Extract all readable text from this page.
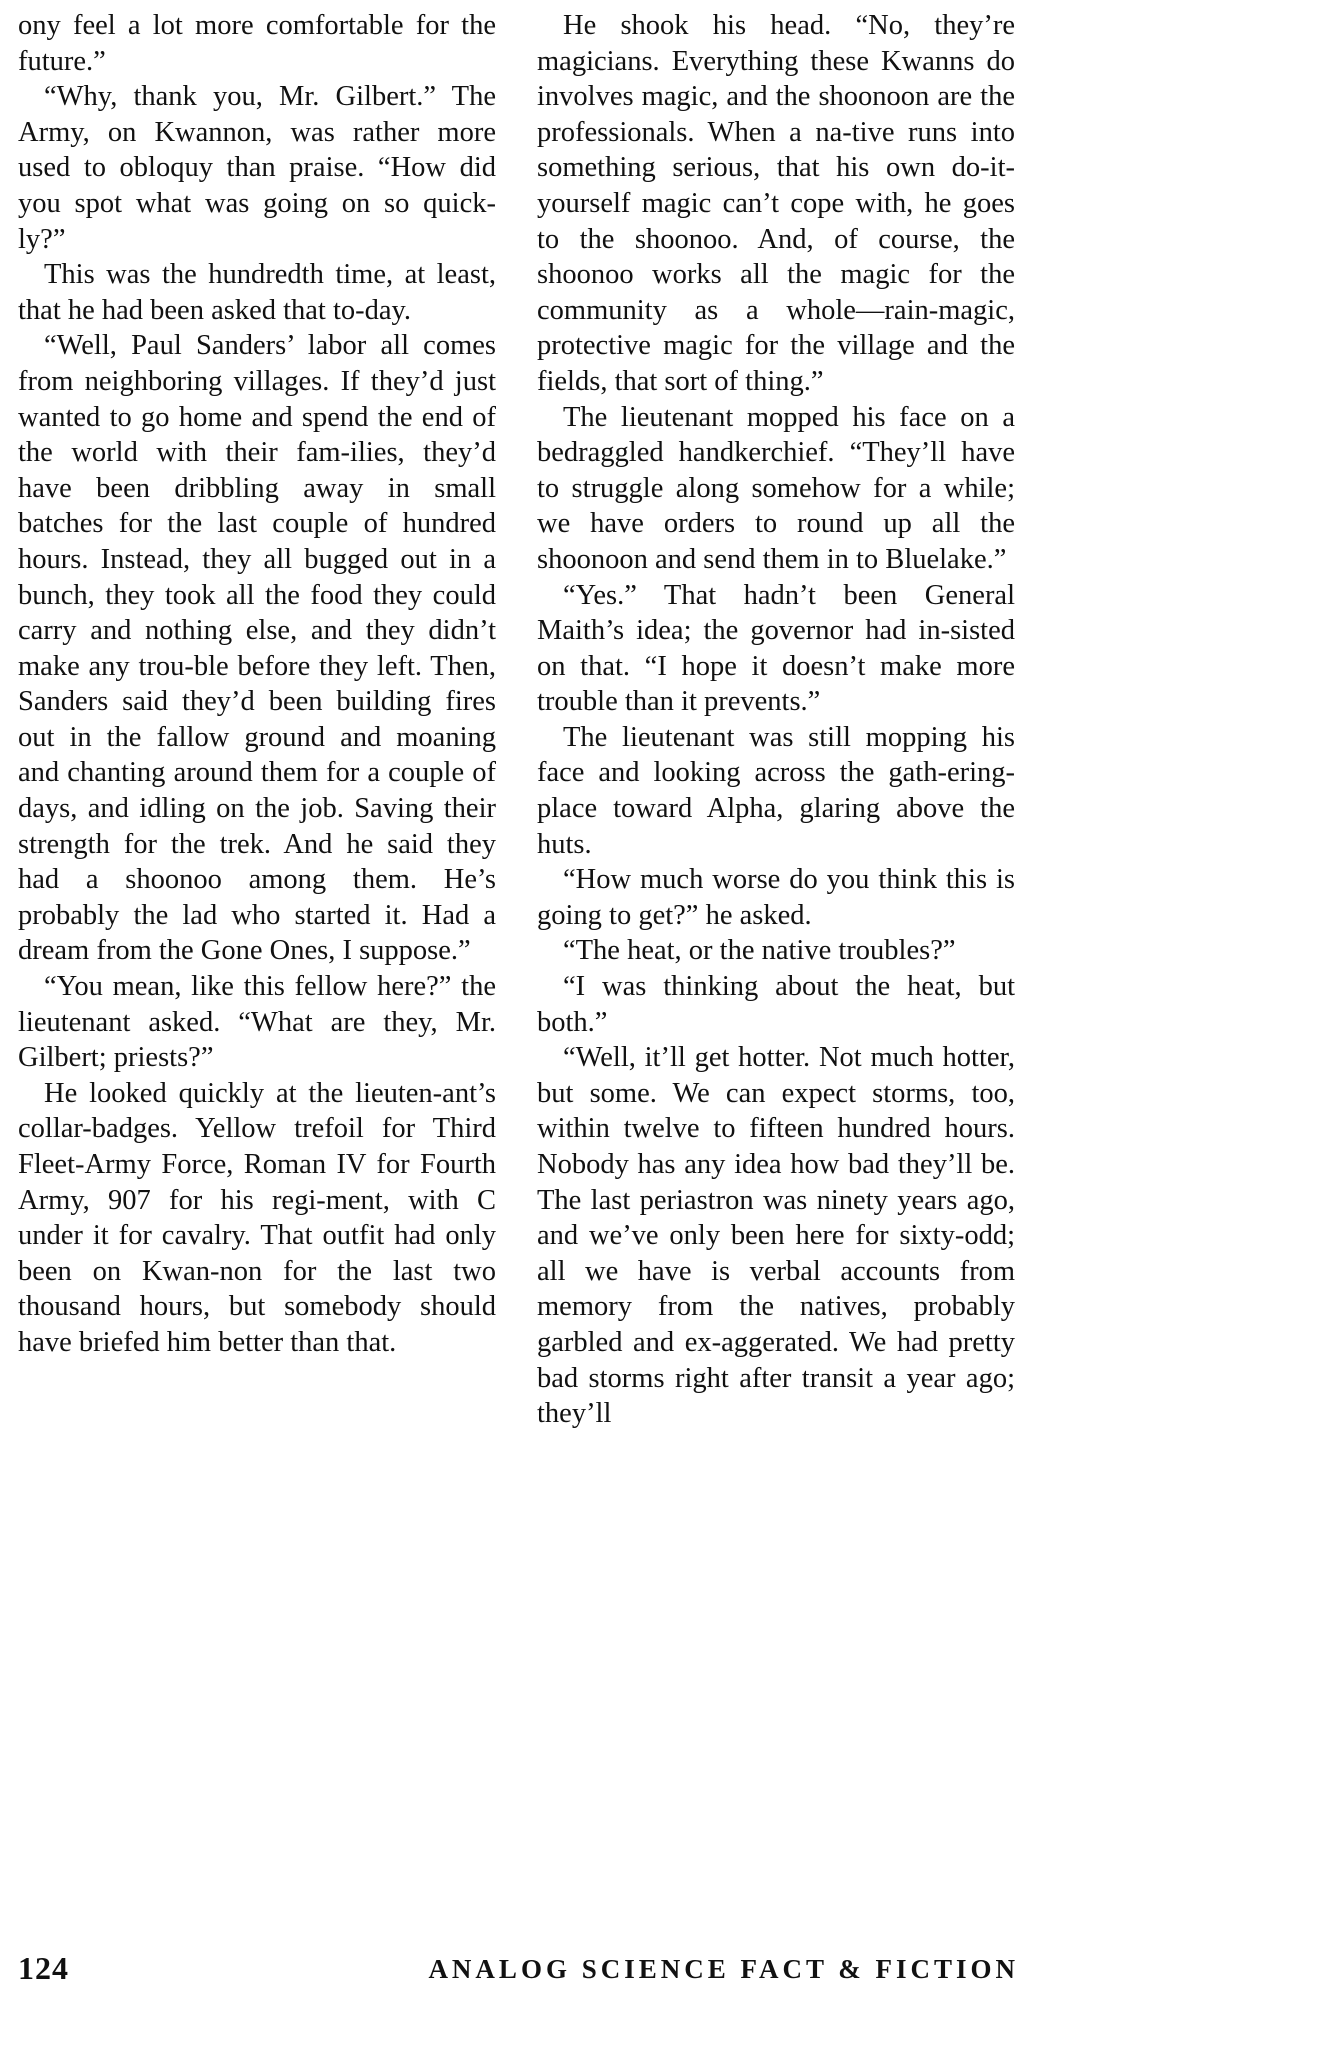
ony feel a lot more comfortable for the future.”

“Why, thank you, Mr. Gilbert.” The Army, on Kwannon, was rather more used to obloquy than praise. “How did you spot what was going on so quick-ly?”

This was the hundredth time, at least, that he had been asked that to-day.

“Well, Paul Sanders’ labor all comes from neighboring villages. If they’d just wanted to go home and spend the end of the world with their fam-ilies, they’d have been dribbling away in small batches for the last couple of hundred hours. Instead, they all bugged out in a bunch, they took all the food they could carry and nothing else, and they didn’t make any trou-ble before they left. Then, Sanders said they’d been building fires out in the fallow ground and moaning and chanting around them for a couple of days, and idling on the job. Saving their strength for the trek. And he said they had a shoonoo among them. He’s probably the lad who started it. Had a dream from the Gone Ones, I suppose.”

“You mean, like this fellow here?” the lieutenant asked. “What are they, Mr. Gilbert; priests?”

He looked quickly at the lieuten-ant’s collar-badges. Yellow trefoil for Third Fleet-Army Force, Roman IV for Fourth Army, 907 for his regi-ment, with C under it for cavalry. That outfit had only been on Kwan-non for the last two thousand hours, but somebody should have briefed him better than that.

He shook his head. “No, they’re magicians. Everything these Kwanns do involves magic, and the shoonoon are the professionals. When a na-tive runs into something serious, that his own do-it-yourself magic can’t cope with, he goes to the shoonoo. And, of course, the shoonoo works all the magic for the community as a whole—rain-magic, protective magic for the village and the fields, that sort of thing.”

The lieutenant mopped his face on a bedraggled handkerchief. “They’ll have to struggle along somehow for a while; we have orders to round up all the shoonoon and send them in to Bluelake.”

“Yes.” That hadn’t been General Maith’s idea; the governor had in-sisted on that. “I hope it doesn’t make more trouble than it prevents.”

The lieutenant was still mopping his face and looking across the gath-ering-place toward Alpha, glaring above the huts.

“How much worse do you think this is going to get?” he asked.

“The heat, or the native troubles?”

“I was thinking about the heat, but both.”

“Well, it’ll get hotter. Not much hotter, but some. We can expect storms, too, within twelve to fifteen hundred hours. Nobody has any idea how bad they’ll be. The last periastron was ninety years ago, and we’ve only been here for sixty-odd; all we have is verbal accounts from memory from the natives, probably garbled and ex-aggerated. We had pretty bad storms right after transit a year ago; they’ll

124	ANALOG SCIENCE FACT & FICTION
